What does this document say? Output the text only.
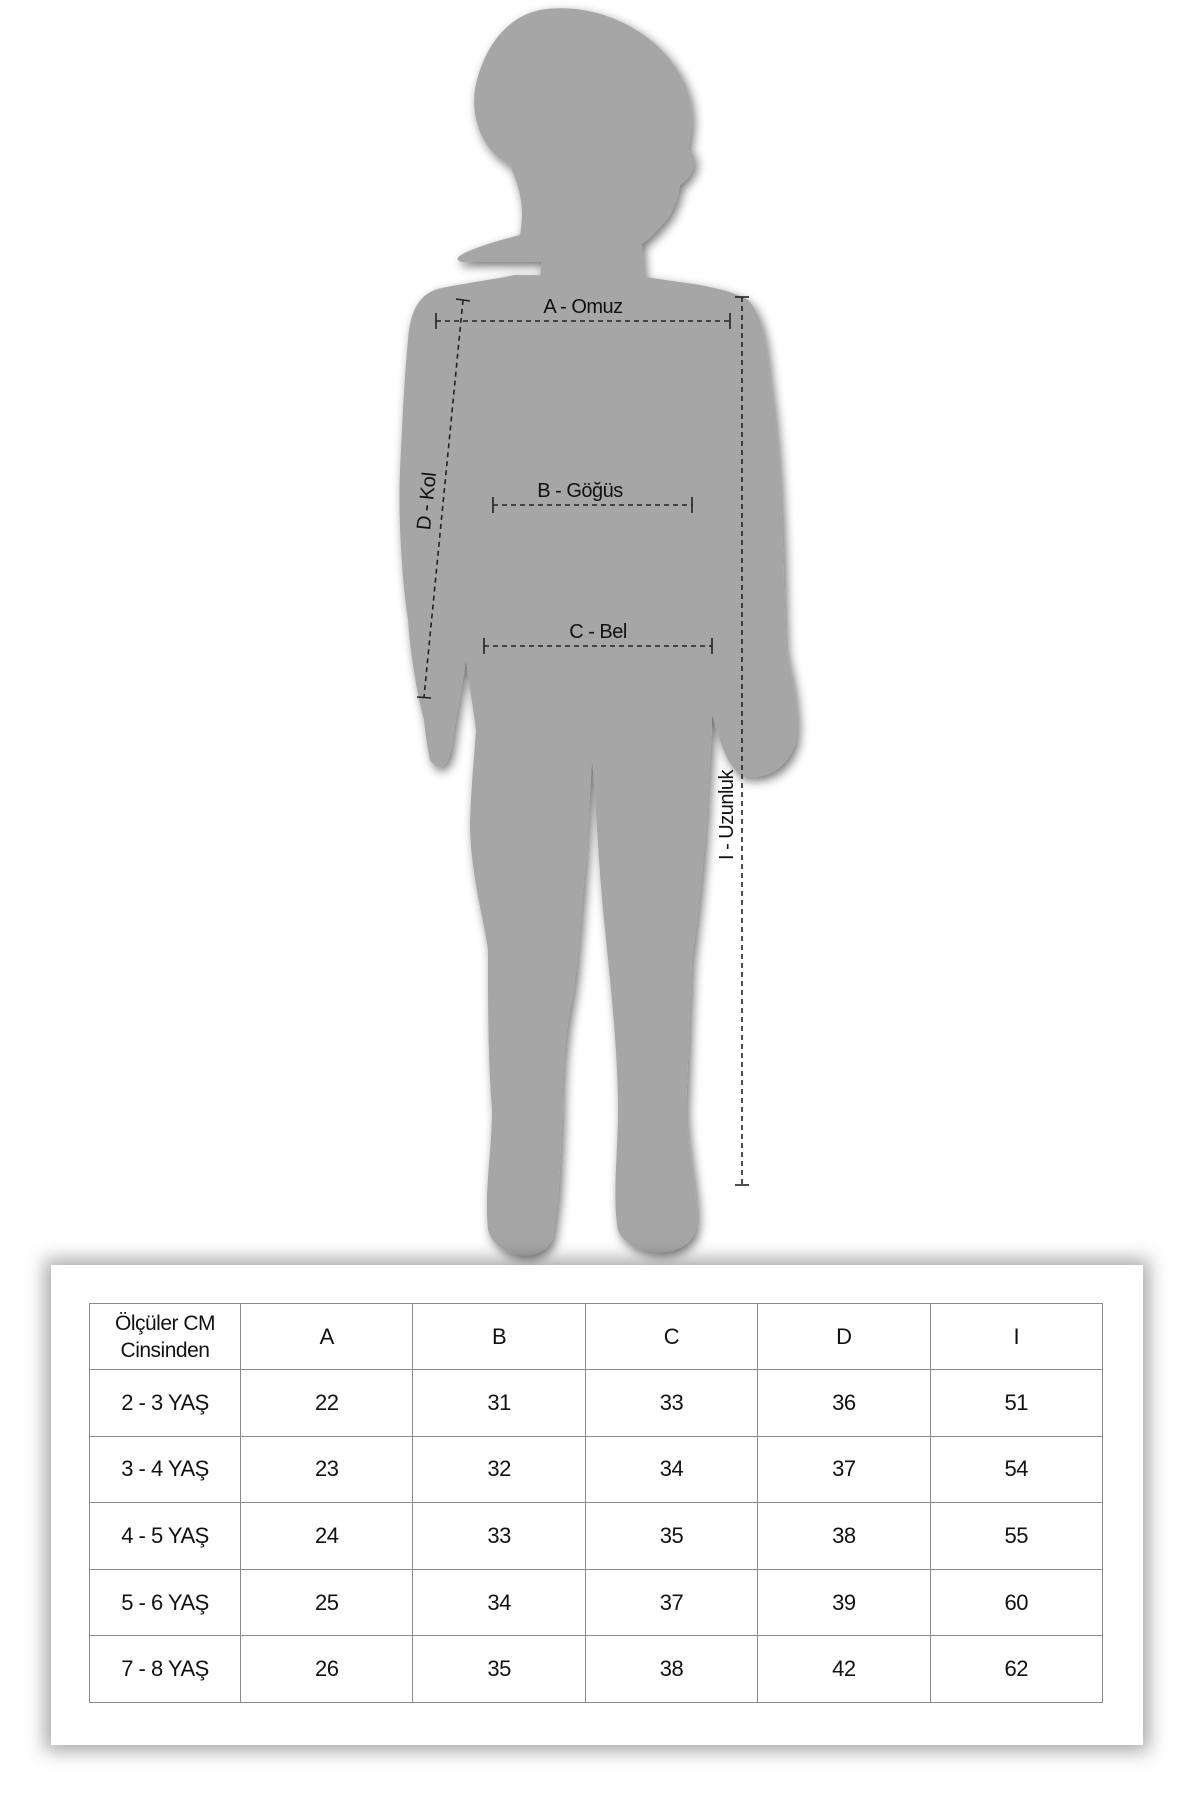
A - Omuz
B - Göğüs
C - Bel
D - Kol
I - Uzunluk
Ölçüler CM
Cinsinden	A	B	C	D	I
2 - 3 YAŞ	22	31	33	36	51
3 - 4 YAŞ	23	32	34	37	54
4 - 5 YAŞ	24	33	35	38	55
5 - 6 YAŞ	25	34	37	39	60
7 - 8 YAŞ	26	35	38	42	62
